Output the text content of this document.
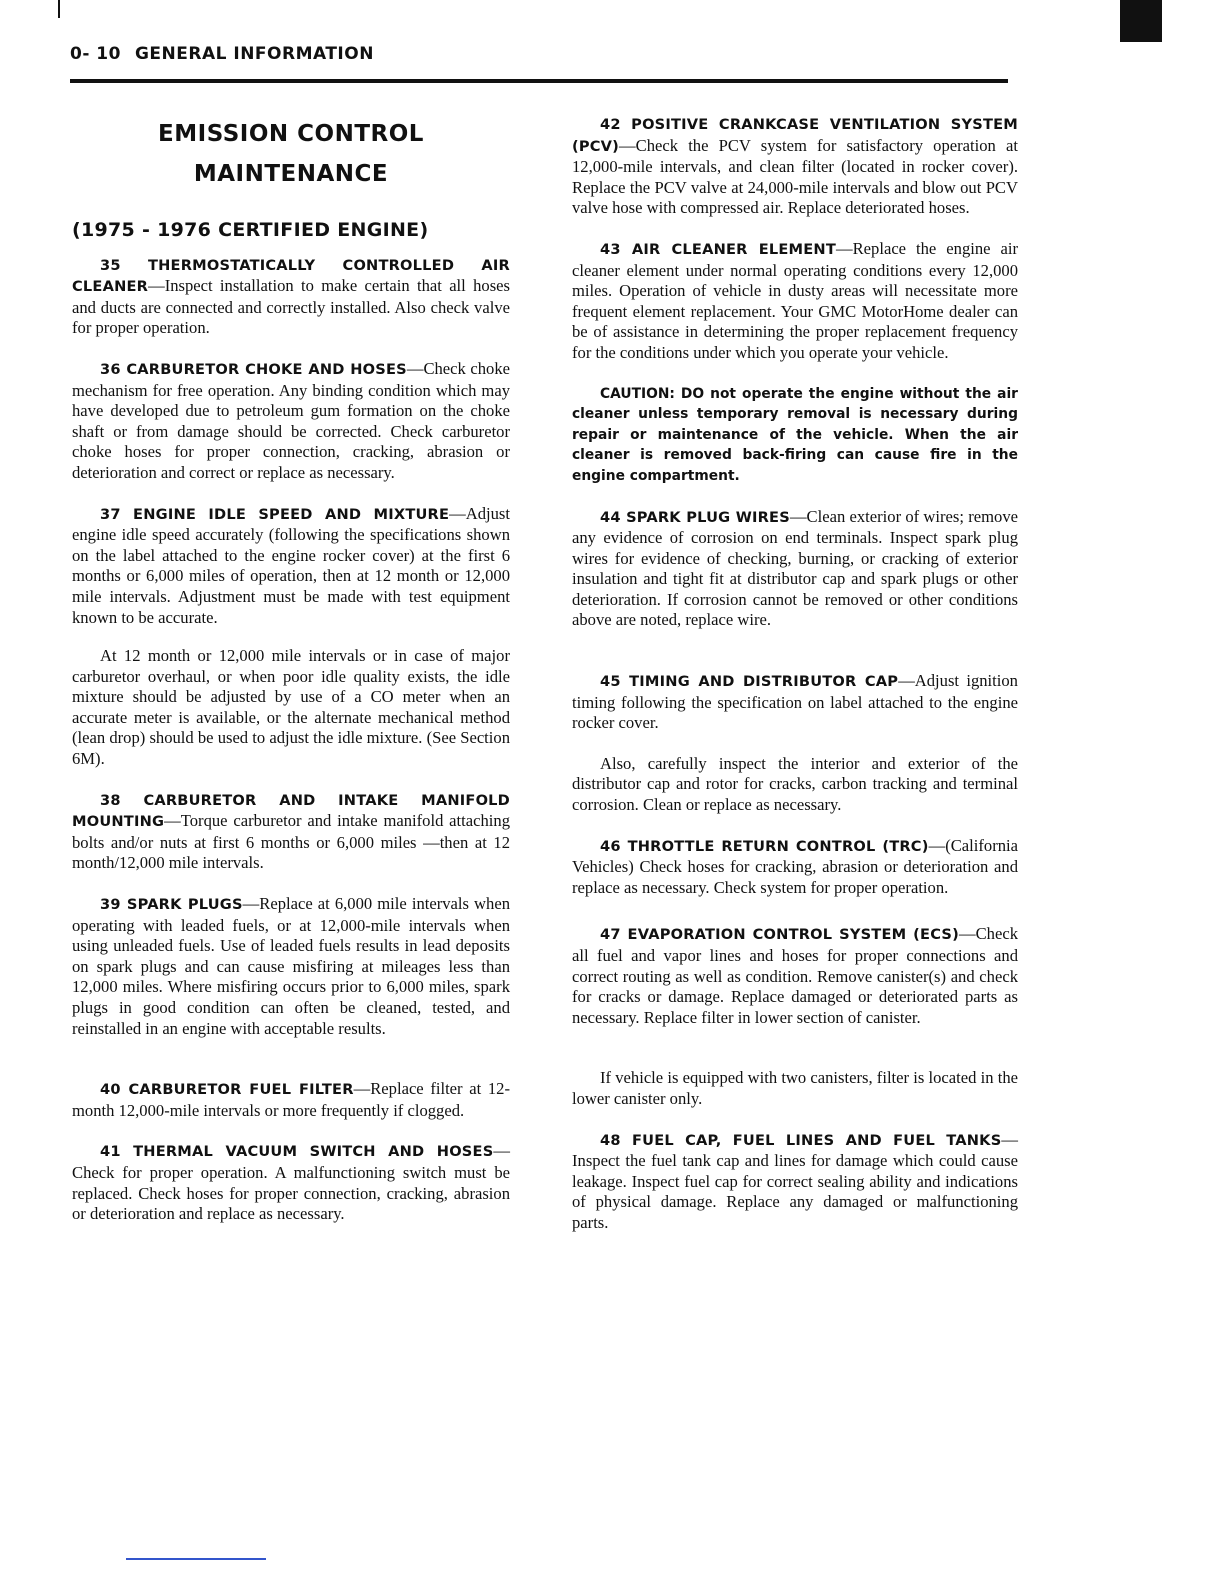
0- 10 GENERAL INFORMATION
EMISSION CONTROL
MAINTENANCE
(1975 - 1976 CERTIFIED ENGINE)

35 THERMOSTATICALLY CONTROLLED AIR CLEANER—Inspect installation to make certain that all hoses and ducts are connected and correctly installed. Also check valve for proper operation.

36 CARBURETOR CHOKE AND HOSES—Check choke mechanism for free operation. Any binding condition which may have developed due to petroleum gum formation on the choke shaft or from damage should be corrected. Check carburetor choke hoses for proper connection, cracking, abrasion or deterioration and correct or replace as necessary.

37 ENGINE IDLE SPEED AND MIXTURE—Adjust engine idle speed accurately (following the specifications shown on the label attached to the engine rocker cover) at the first 6 months or 6,000 miles of operation, then at 12 month or 12,000 mile intervals. Adjustment must be made with test equipment known to be accurate.

At 12 month or 12,000 mile intervals or in case of major carburetor overhaul, or when poor idle quality exists, the idle mixture should be adjusted by use of a CO meter when an accurate meter is available, or the alternate mechanical method (lean drop) should be used to adjust the idle mixture. (See Section 6M).

38 CARBURETOR AND INTAKE MANIFOLD MOUNTING—Torque carburetor and intake manifold attaching bolts and/or nuts at first 6 months or 6,000 miles —then at 12 month/12,000 mile intervals.

39 SPARK PLUGS—Replace at 6,000 mile intervals when operating with leaded fuels, or at 12,000-mile intervals when using unleaded fuels. Use of leaded fuels results in lead deposits on spark plugs and can cause misfiring at mileages less than 12,000 miles. Where misfiring occurs prior to 6,000 miles, spark plugs in good condition can often be cleaned, tested, and reinstalled in an engine with acceptable results.

40 CARBURETOR FUEL FILTER—Replace filter at 12-month 12,000-mile intervals or more frequently if clogged.

41 THERMAL VACUUM SWITCH AND HOSES— Check for proper operation. A malfunctioning switch must be replaced. Check hoses for proper connection, cracking, abrasion or deterioration and replace as necessary.

42 POSITIVE CRANKCASE VENTILATION SYSTEM (PCV)—Check the PCV system for satisfactory operation at 12,000-mile intervals, and clean filter (located in rocker cover). Replace the PCV valve at 24,000-mile intervals and blow out PCV valve hose with compressed air. Replace deteriorated hoses.

43 AIR CLEANER ELEMENT—Replace the engine air cleaner element under normal operating conditions every 12,000 miles. Operation of vehicle in dusty areas will necessitate more frequent element replacement. Your GMC MotorHome dealer can be of assistance in determining the proper replacement frequency for the conditions under which you operate your vehicle.

CAUTION: DO not operate the engine without the air cleaner unless temporary removal is necessary during repair or maintenance of the vehicle. When the air cleaner is removed back-firing can cause fire in the engine compartment.

44 SPARK PLUG WIRES—Clean exterior of wires; remove any evidence of corrosion on end terminals. Inspect spark plug wires for evidence of checking, burning, or cracking of exterior insulation and tight fit at distributor cap and spark plugs or other deterioration. If corrosion cannot be removed or other conditions above are noted, replace wire.

45 TIMING AND DISTRIBUTOR CAP—Adjust ignition timing following the specification on label attached to the engine rocker cover.

Also, carefully inspect the interior and exterior of the distributor cap and rotor for cracks, carbon tracking and terminal corrosion. Clean or replace as necessary.

46 THROTTLE RETURN CONTROL (TRC)—(California Vehicles) Check hoses for cracking, abrasion or deterioration and replace as necessary. Check system for proper operation.

47 EVAPORATION CONTROL SYSTEM (ECS)—Check all fuel and vapor lines and hoses for proper connections and correct routing as well as condition. Remove canister(s) and check for cracks or damage. Replace damaged or deteriorated parts as necessary. Replace filter in lower section of canister.

If vehicle is equipped with two canisters, filter is located in the lower canister only.

48 FUEL CAP, FUEL LINES AND FUEL TANKS—Inspect the fuel tank cap and lines for damage which could cause leakage. Inspect fuel cap for correct sealing ability and indications of physical damage. Replace any damaged or malfunctioning parts.
